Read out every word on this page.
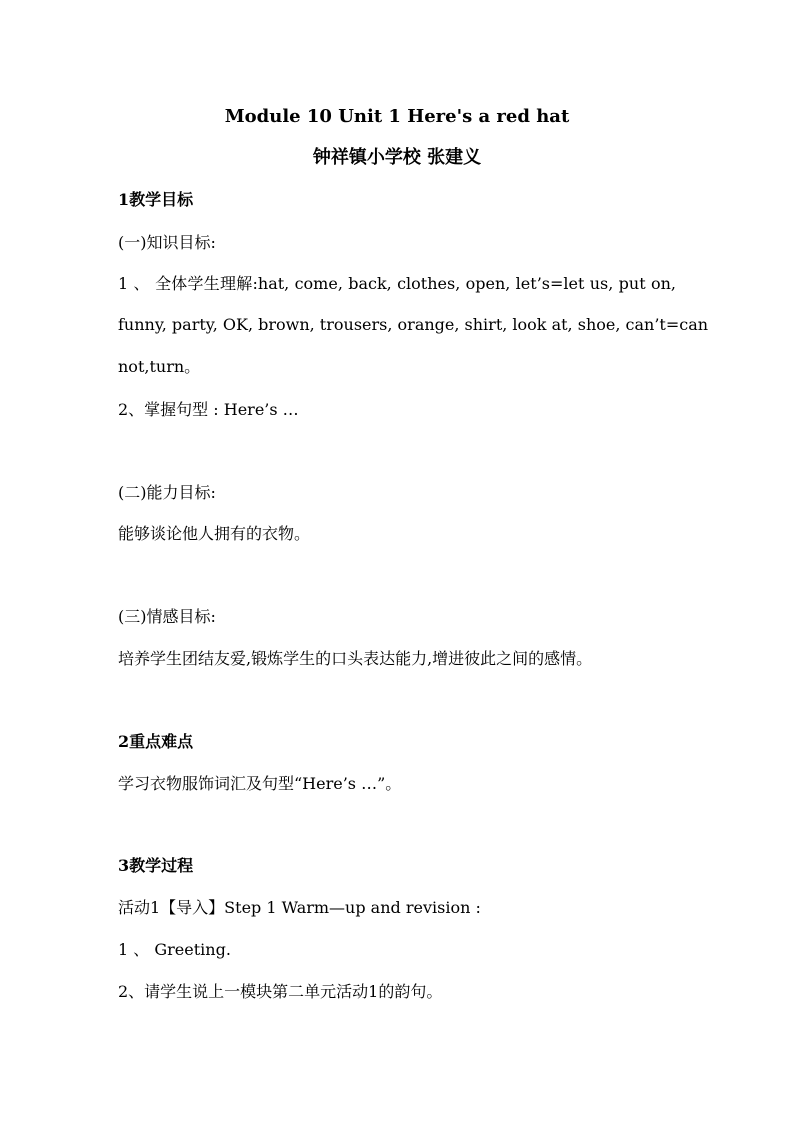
Module 10 Unit 1 Here's a red hat
钟祥镇小学校 张建义
1教学目标
(一)知识目标:
1 、 全体学生理解:hat, come, back, clothes, open, let’s=let us, put on,
funny, party, OK, brown, trousers, orange, shirt, look at, shoe, can’t=can
not,turn。
2、掌握句型 : Here’s …
(二)能力目标:
能够谈论他人拥有的衣物。
(三)情感目标:
培养学生团结友爱,锻炼学生的口头表达能力,增进彼此之间的感情。
2重点难点
学习衣物服饰词汇及句型“Here’s …”。
3教学过程
活动1【导入】Step 1 Warm—up and revision :
1 、 Greeting.
2、请学生说上一模块第二单元活动1的韵句。
